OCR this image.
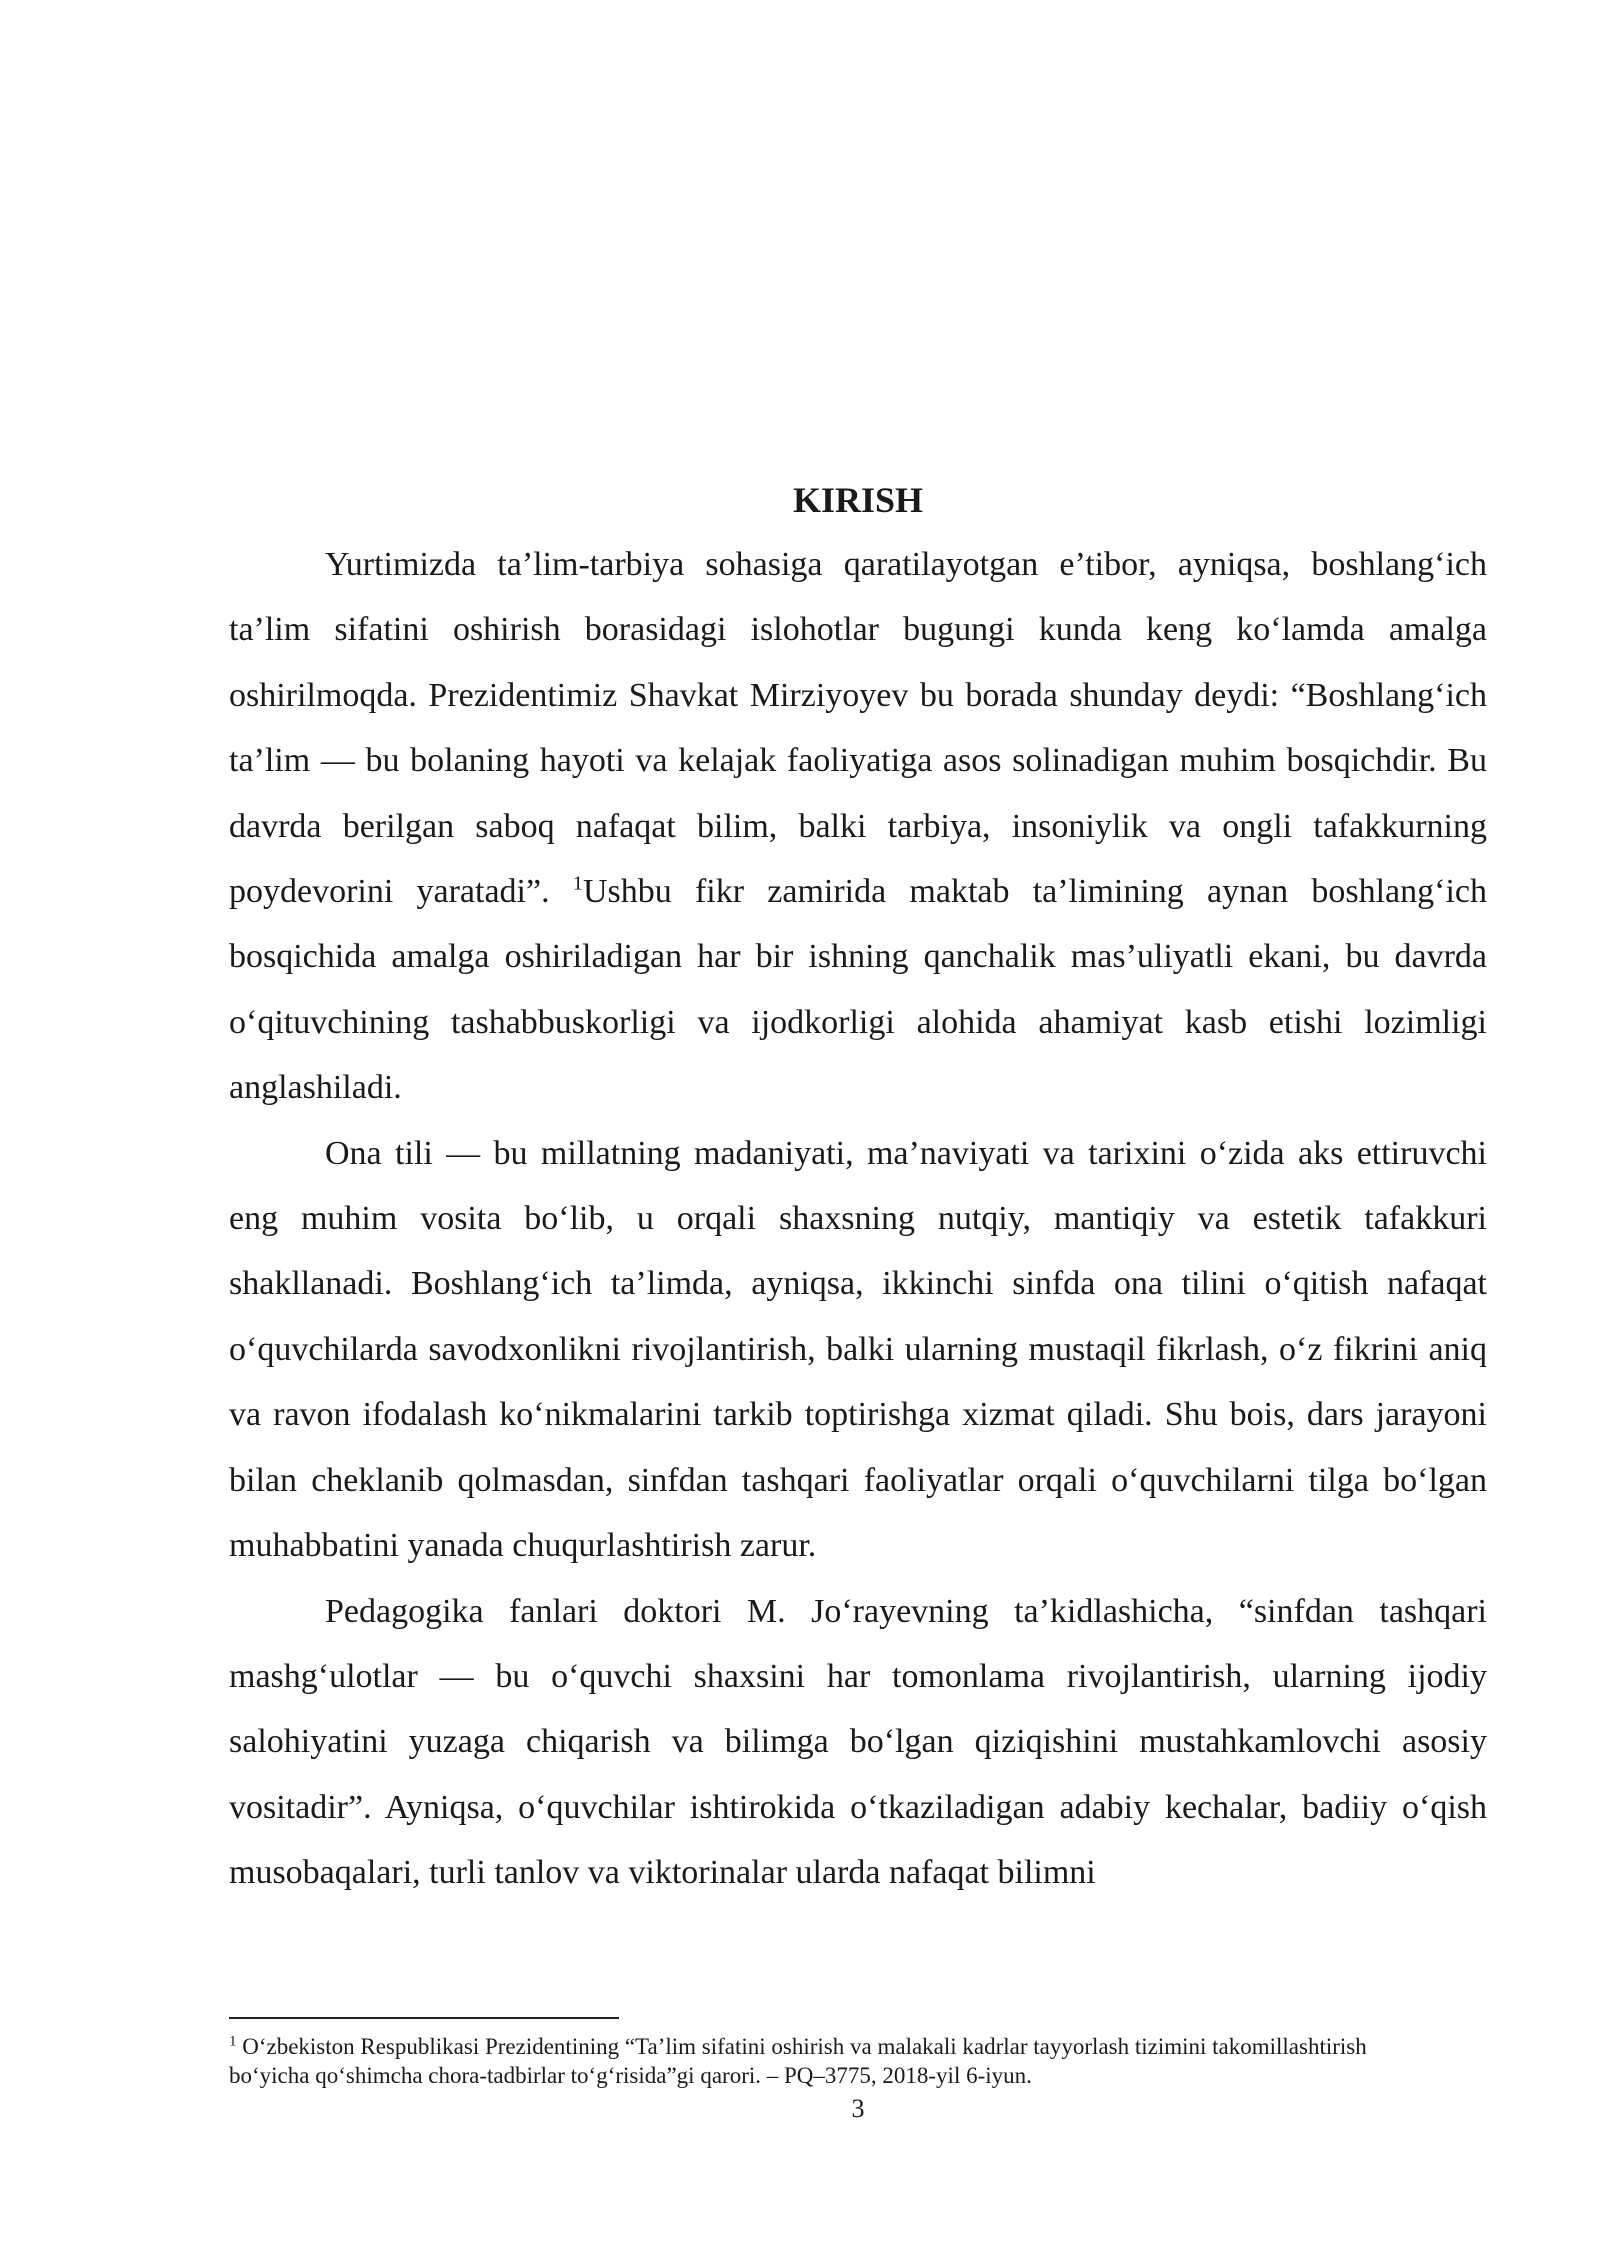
KIRISH

Yurtimizda ta’lim-tarbiya sohasiga qaratilayotgan e’tibor, ayniqsa, boshlang‘ich ta’lim sifatini oshirish borasidagi islohotlar bugungi kunda keng ko‘lamda amalga oshirilmoqda. Prezidentimiz Shavkat Mirziyoyev bu borada shunday deydi: “Boshlang‘ich ta’lim — bu bolaning hayoti va kelajak faoliyatiga asos solinadigan muhim bosqichdir. Bu davrda berilgan saboq nafaqat bilim, balki tarbiya, insoniylik va ongli tafakkurning poydevorini yaratadi”. $^1$Ushbu fikr zamirida maktab ta’limining aynan boshlang‘ich bosqichida amalga oshiriladigan har bir ishning qanchalik mas’uliyatli ekani, bu davrda o‘qituvchining tashabbuskorligi va ijodkorligi alohida ahamiyat kasb etishi lozimligi anglashiladi.

Ona tili — bu millatning madaniyati, ma’naviyati va tarixini o‘zida aks ettiruvchi eng muhim vosita bo‘lib, u orqali shaxsning nutqiy, mantiqiy va estetik tafakkuri shakllanadi. Boshlang‘ich ta’limda, ayniqsa, ikkinchi sinfda ona tilini o‘qitish nafaqat o‘quvchilarda savodxonlikni rivojlantirish, balki ularning mustaqil fikrlash, o‘z fikrini aniq va ravon ifodalash ko‘nikmalarini tarkib toptirishga xizmat qiladi. Shu bois, dars jarayoni bilan cheklanib qolmasdan, sinfdan tashqari faoliyatlar orqali o‘quvchilarni tilga bo‘lgan muhabbatini yanada chuqurlashtirish zarur.

Pedagogika fanlari doktori M. Jo‘rayevning ta’kidlashicha, “sinfdan tashqari mashg‘ulotlar — bu o‘quvchi shaxsini har tomonlama rivojlantirish, ularning ijodiy salohiyatini yuzaga chiqarish va bilimga bo‘lgan qiziqishini mustahkamlovchi asosiy vositadir”. Ayniqsa, o‘quvchilar ishtirokida o‘tkaziladigan adabiy kechalar, badiiy o‘qish musobaqalari, turli tanlov va viktorinalar ularda nafaqat bilimni

$^1$ O‘zbekiston Respublikasi Prezidentining “Ta’lim sifatini oshirish va malakali kadrlar tayyorlash tizimini takomillashtirish bo‘yicha qo‘shimcha chora-tadbirlar to‘g‘risida”gi qarori. – PQ–3775, 2018-yil 6-iyun.

3
